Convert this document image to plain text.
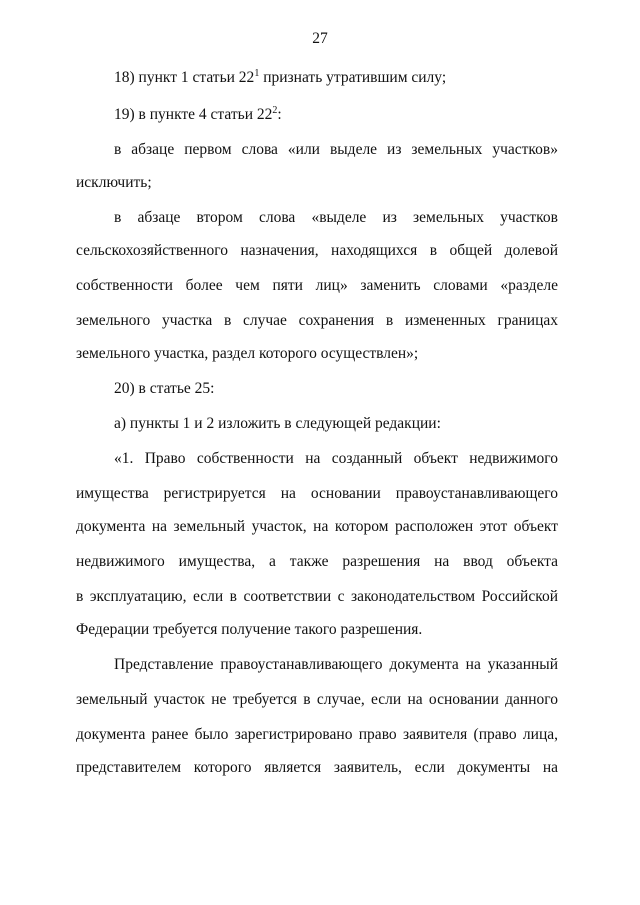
27
18) пункт 1 статьи $22^1$ признать утратившим силу;
19) в пункте 4 статьи $22^2$:
в абзаце первом слова «или выделе из земельных участков»
исключить;
в абзаце втором слова «выделе из земельных участков
сельскохозяйственного назначения, находящихся в общей долевой
собственности более чем пяти лиц» заменить словами «разделе
земельного участка в случае сохранения в измененных границах
земельного участка, раздел которого осуществлен»;
20) в статье 25:
а) пункты 1 и 2 изложить в следующей редакции:
«1. Право собственности на созданный объект недвижимого
имущества регистрируется на основании правоустанавливающего
документа на земельный участок, на котором расположен этот объект
недвижимого имущества, а также разрешения на ввод объекта
в эксплуатацию, если в соответствии с законодательством Российской
Федерации требуется получение такого разрешения.
Представление правоустанавливающего документа на указанный
земельный участок не требуется в случае, если на основании данного
документа ранее было зарегистрировано право заявителя (право лица,
представителем которого является заявитель, если документы на
